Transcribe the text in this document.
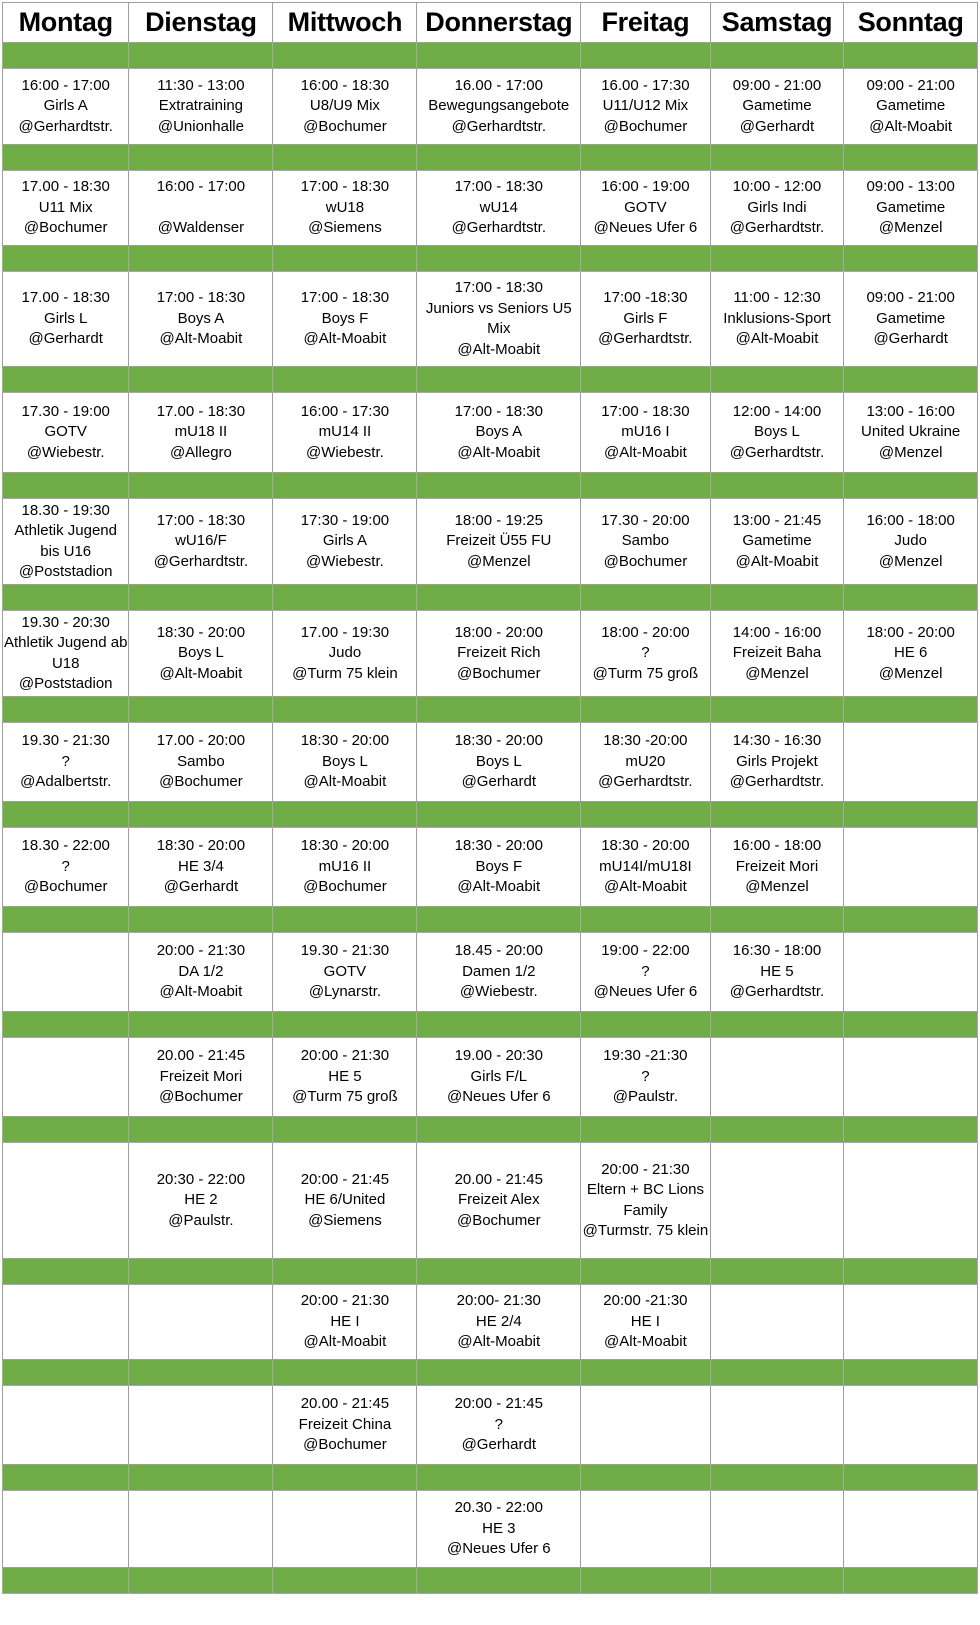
Montag	Dienstag	Mittwoch	Donnerstag	Freitag	Samstag	Sonntag

16:00 - 17:00
Girls A
@Gerhardtstr.	11:30 - 13:00
Extratraining
@Unionhalle	16:00 - 18:30
U8/U9 Mix
@Bochumer	16.00 - 17:00
Bewegungsangebote
@Gerhardtstr.	16.00 - 17:30
U11/U12 Mix
@Bochumer	09:00 - 21:00
Gametime
@Gerhardt	09:00 - 21:00
Gametime
@Alt-Moabit

17.00 - 18:30
U11 Mix
@Bochumer	16:00 - 17:00

@Waldenser	17:00 - 18:30
wU18
@Siemens	17:00 - 18:30
wU14
@Gerhardtstr.	16:00 - 19:00
GOTV
@Neues Ufer 6	10:00 - 12:00
Girls Indi
@Gerhardtstr.	09:00 - 13:00
Gametime
@Menzel

17.00 - 18:30
Girls L
@Gerhardt	17:00 - 18:30
Boys A
@Alt-Moabit	17:00 - 18:30
Boys F
@Alt-Moabit	17:00 - 18:30
Juniors vs Seniors U5 Mix
@Alt-Moabit	17:00 -18:30
Girls F
@Gerhardtstr.	11:00 - 12:30
Inklusions-Sport
@Alt-Moabit	09:00 - 21:00
Gametime
@Gerhardt

17.30 - 19:00
GOTV
@Wiebestr.	17.00 - 18:30
mU18 II
@Allegro	16:00 - 17:30
mU14 II
@Wiebestr.	17:00 - 18:30
Boys A
@Alt-Moabit	17:00 - 18:30
mU16 I
@Alt-Moabit	12:00 - 14:00
Boys L
@Gerhardtstr.	13:00 - 16:00
United Ukraine
@Menzel

18.30 - 19:30
Athletik Jugend bis U16
@Poststadion	17:00 - 18:30
wU16/F
@Gerhardtstr.	17:30 - 19:00
Girls A
@Wiebestr.	18:00 - 19:25
Freizeit Ü55 FU
@Menzel	17.30 - 20:00
Sambo
@Bochumer	13:00 - 21:45
Gametime
@Alt-Moabit	16:00 - 18:00
Judo
@Menzel

19.30 - 20:30
Athletik Jugend ab U18
@Poststadion	18:30 - 20:00
Boys L
@Alt-Moabit	17.00 - 19:30
Judo
@Turm 75 klein	18:00 - 20:00
Freizeit Rich
@Bochumer	18:00 - 20:00
?
@Turm 75 groß	14:00 - 16:00
Freizeit Baha
@Menzel	18:00 - 20:00
HE 6
@Menzel

19.30 - 21:30
?
@Adalbertstr.	17.00 - 20:00
Sambo
@Bochumer	18:30 - 20:00
Boys L
@Alt-Moabit	18:30 - 20:00
Boys L
@Gerhardt	18:30 -20:00
mU20
@Gerhardtstr.	14:30 - 16:30
Girls Projekt
@Gerhardtstr.	

18.30 - 22:00
?
@Bochumer	18:30 - 20:00
HE 3/4
@Gerhardt	18:30 - 20:00
mU16 II
@Bochumer	18:30 - 20:00
Boys F
@Alt-Moabit	18:30 - 20:00
mU14I/mU18I
@Alt-Moabit	16:00 - 18:00
Freizeit Mori
@Menzel	

	20:00 - 21:30
DA 1/2
@Alt-Moabit	19.30 - 21:30
GOTV
@Lynarstr.	18.45 - 20:00
Damen 1/2
@Wiebestr.	19:00 - 22:00
?
@Neues Ufer 6	16:30 - 18:00
HE 5
@Gerhardtstr.	

	20.00 - 21:45
Freizeit Mori
@Bochumer	20:00 - 21:30
HE 5
@Turm 75 groß	19.00 - 20:30
Girls F/L
@Neues Ufer 6	19:30 -21:30
?
@Paulstr.		

	20:30 - 22:00
HE 2
@Paulstr.	20:00 - 21:45
HE 6/United
@Siemens	20.00 - 21:45
Freizeit Alex
@Bochumer	20:00 - 21:30
Eltern + BC Lions Family
@Turmstr. 75 klein		

		20:00 - 21:30
HE I
@Alt-Moabit	20:00- 21:30
HE 2/4
@Alt-Moabit	20:00 -21:30
HE I
@Alt-Moabit		

		20.00 - 21:45
Freizeit China
@Bochumer	20:00 - 21:45
?
@Gerhardt			

			20.30 - 22:00
HE 3
@Neues Ufer 6			
